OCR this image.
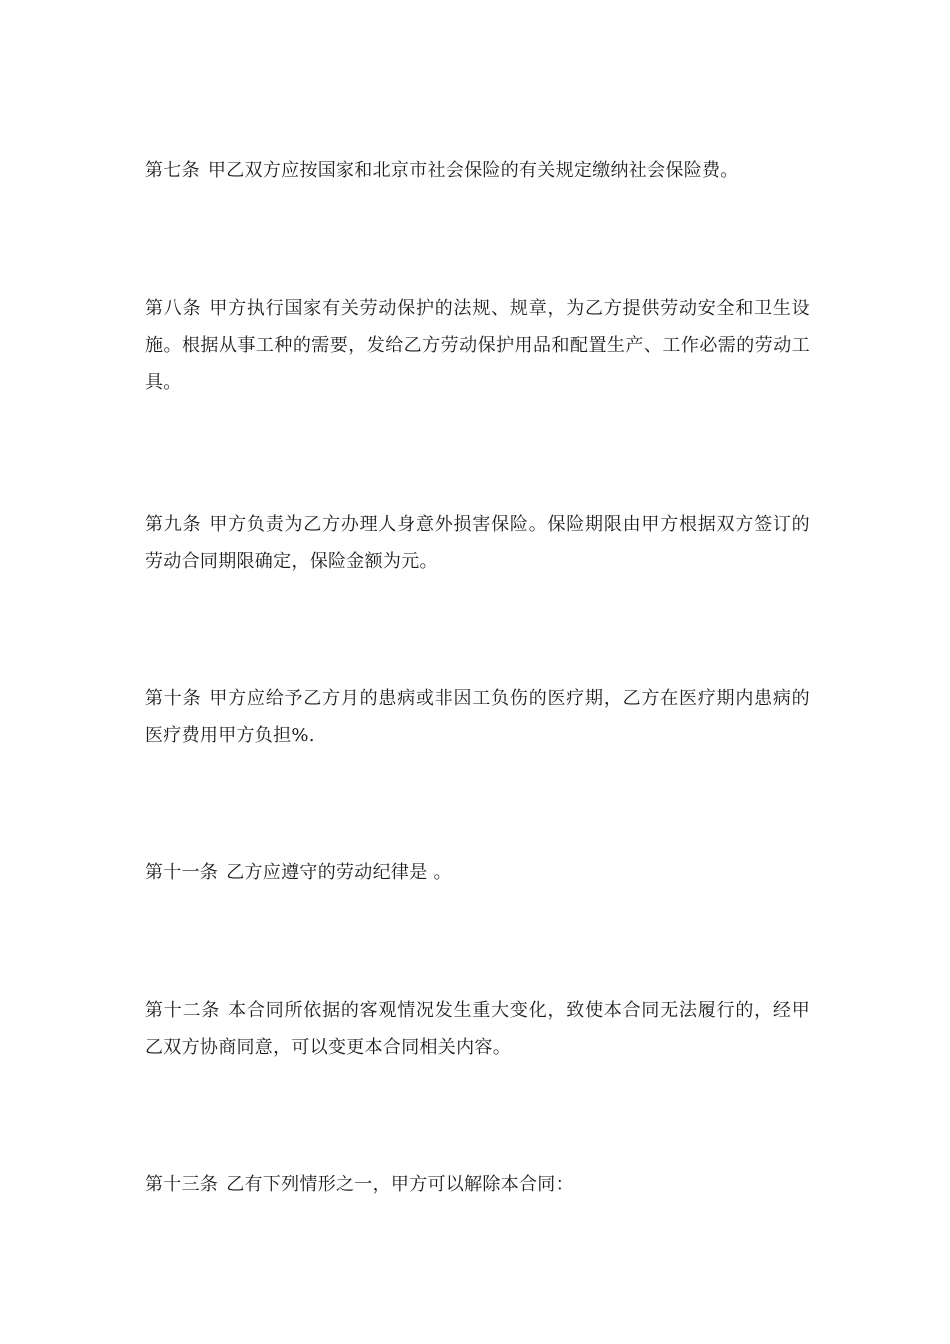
第七条 甲乙双方应按国家和北京市社会保险的有关规定缴纳社会保险费。

第八条 甲方执行国家有关劳动保护的法规、规章，为乙方提供劳动安全和卫生设施。根据从事工种的需要，发给乙方劳动保护用品和配置生产、工作必需的劳动工具。

第九条 甲方负责为乙方办理人身意外损害保险。保险期限由甲方根据双方签订的劳动合同期限确定，保险金额为元。

第十条 甲方应给予乙方月的患病或非因工负伤的医疗期，乙方在医疗期内患病的医疗费用甲方负担%.

第十一条 乙方应遵守的劳动纪律是 。

第十二条 本合同所依据的客观情况发生重大变化，致使本合同无法履行的，经甲乙双方协商同意，可以变更本合同相关内容。

第十三条 乙有下列情形之一，甲方可以解除本合同：
